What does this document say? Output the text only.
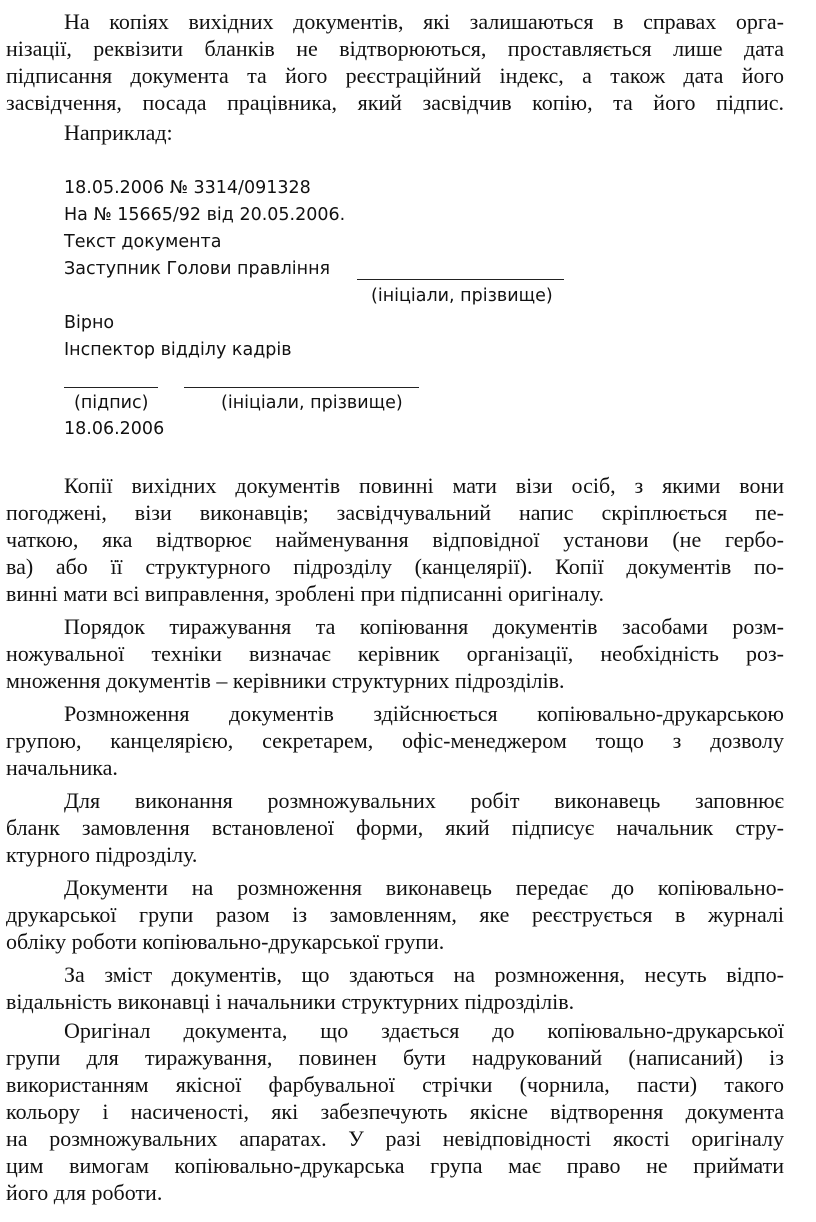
На копіях вихідних документів, які залишаються в справах орга-
нізації, реквізити бланків не відтворюються, проставляється лише дата
підписання документа та його реєстраційний індекс, а також дата його
засвідчення, посада працівника, який засвідчив копію, та його підпис.
Наприклад:
18.05.2006 № 3314/091328
На № 15665/92 від 20.05.2006.
Текст документа
Заступник Голови правління
(ініціали, прізвище)
Вірно
Інспектор відділу кадрів
(підпис)	(ініціали, прізвище)
18.06.2006
Копії вихідних документів повинні мати візи осіб, з якими вони
погоджені, візи виконавців; засвідчувальний напис скріплюється пе-
чаткою, яка відтворює найменування відповідної установи (не гербо-
ва) або її структурного підрозділу (канцелярії). Копії документів по-
винні мати всі виправлення, зроблені при підписанні оригіналу.
Порядок тиражування та копіювання документів засобами розм-
ножувальної техніки визначає керівник організації, необхідність роз-
множення документів – керівники структурних підрозділів.
Розмноження документів здійснюється копіювально-друкарською
групою, канцелярією, секретарем, офіс-менеджером тощо з дозволу
начальника.
Для виконання розмножувальних робіт виконавець заповнює
бланк замовлення встановленої форми, який підписує начальник стру-
ктурного підрозділу.
Документи на розмноження виконавець передає до копіювально-
друкарської групи разом із замовленням, яке реєструється в журналі
обліку роботи копіювально-друкарської групи.
За зміст документів, що здаються на розмноження, несуть відпо-
відальність виконавці і начальники структурних підрозділів.
Оригінал документа, що здається до копіювально-друкарської
групи для тиражування, повинен бути надрукований (написаний) із
використанням якісної фарбувальної стрічки (чорнила, пасти) такого
кольору і насиченості, які забезпечують якісне відтворення документа
на розмножувальних апаратах. У разі невідповідності якості оригіналу
цим вимогам копіювально-друкарська група має право не приймати
його для роботи.
